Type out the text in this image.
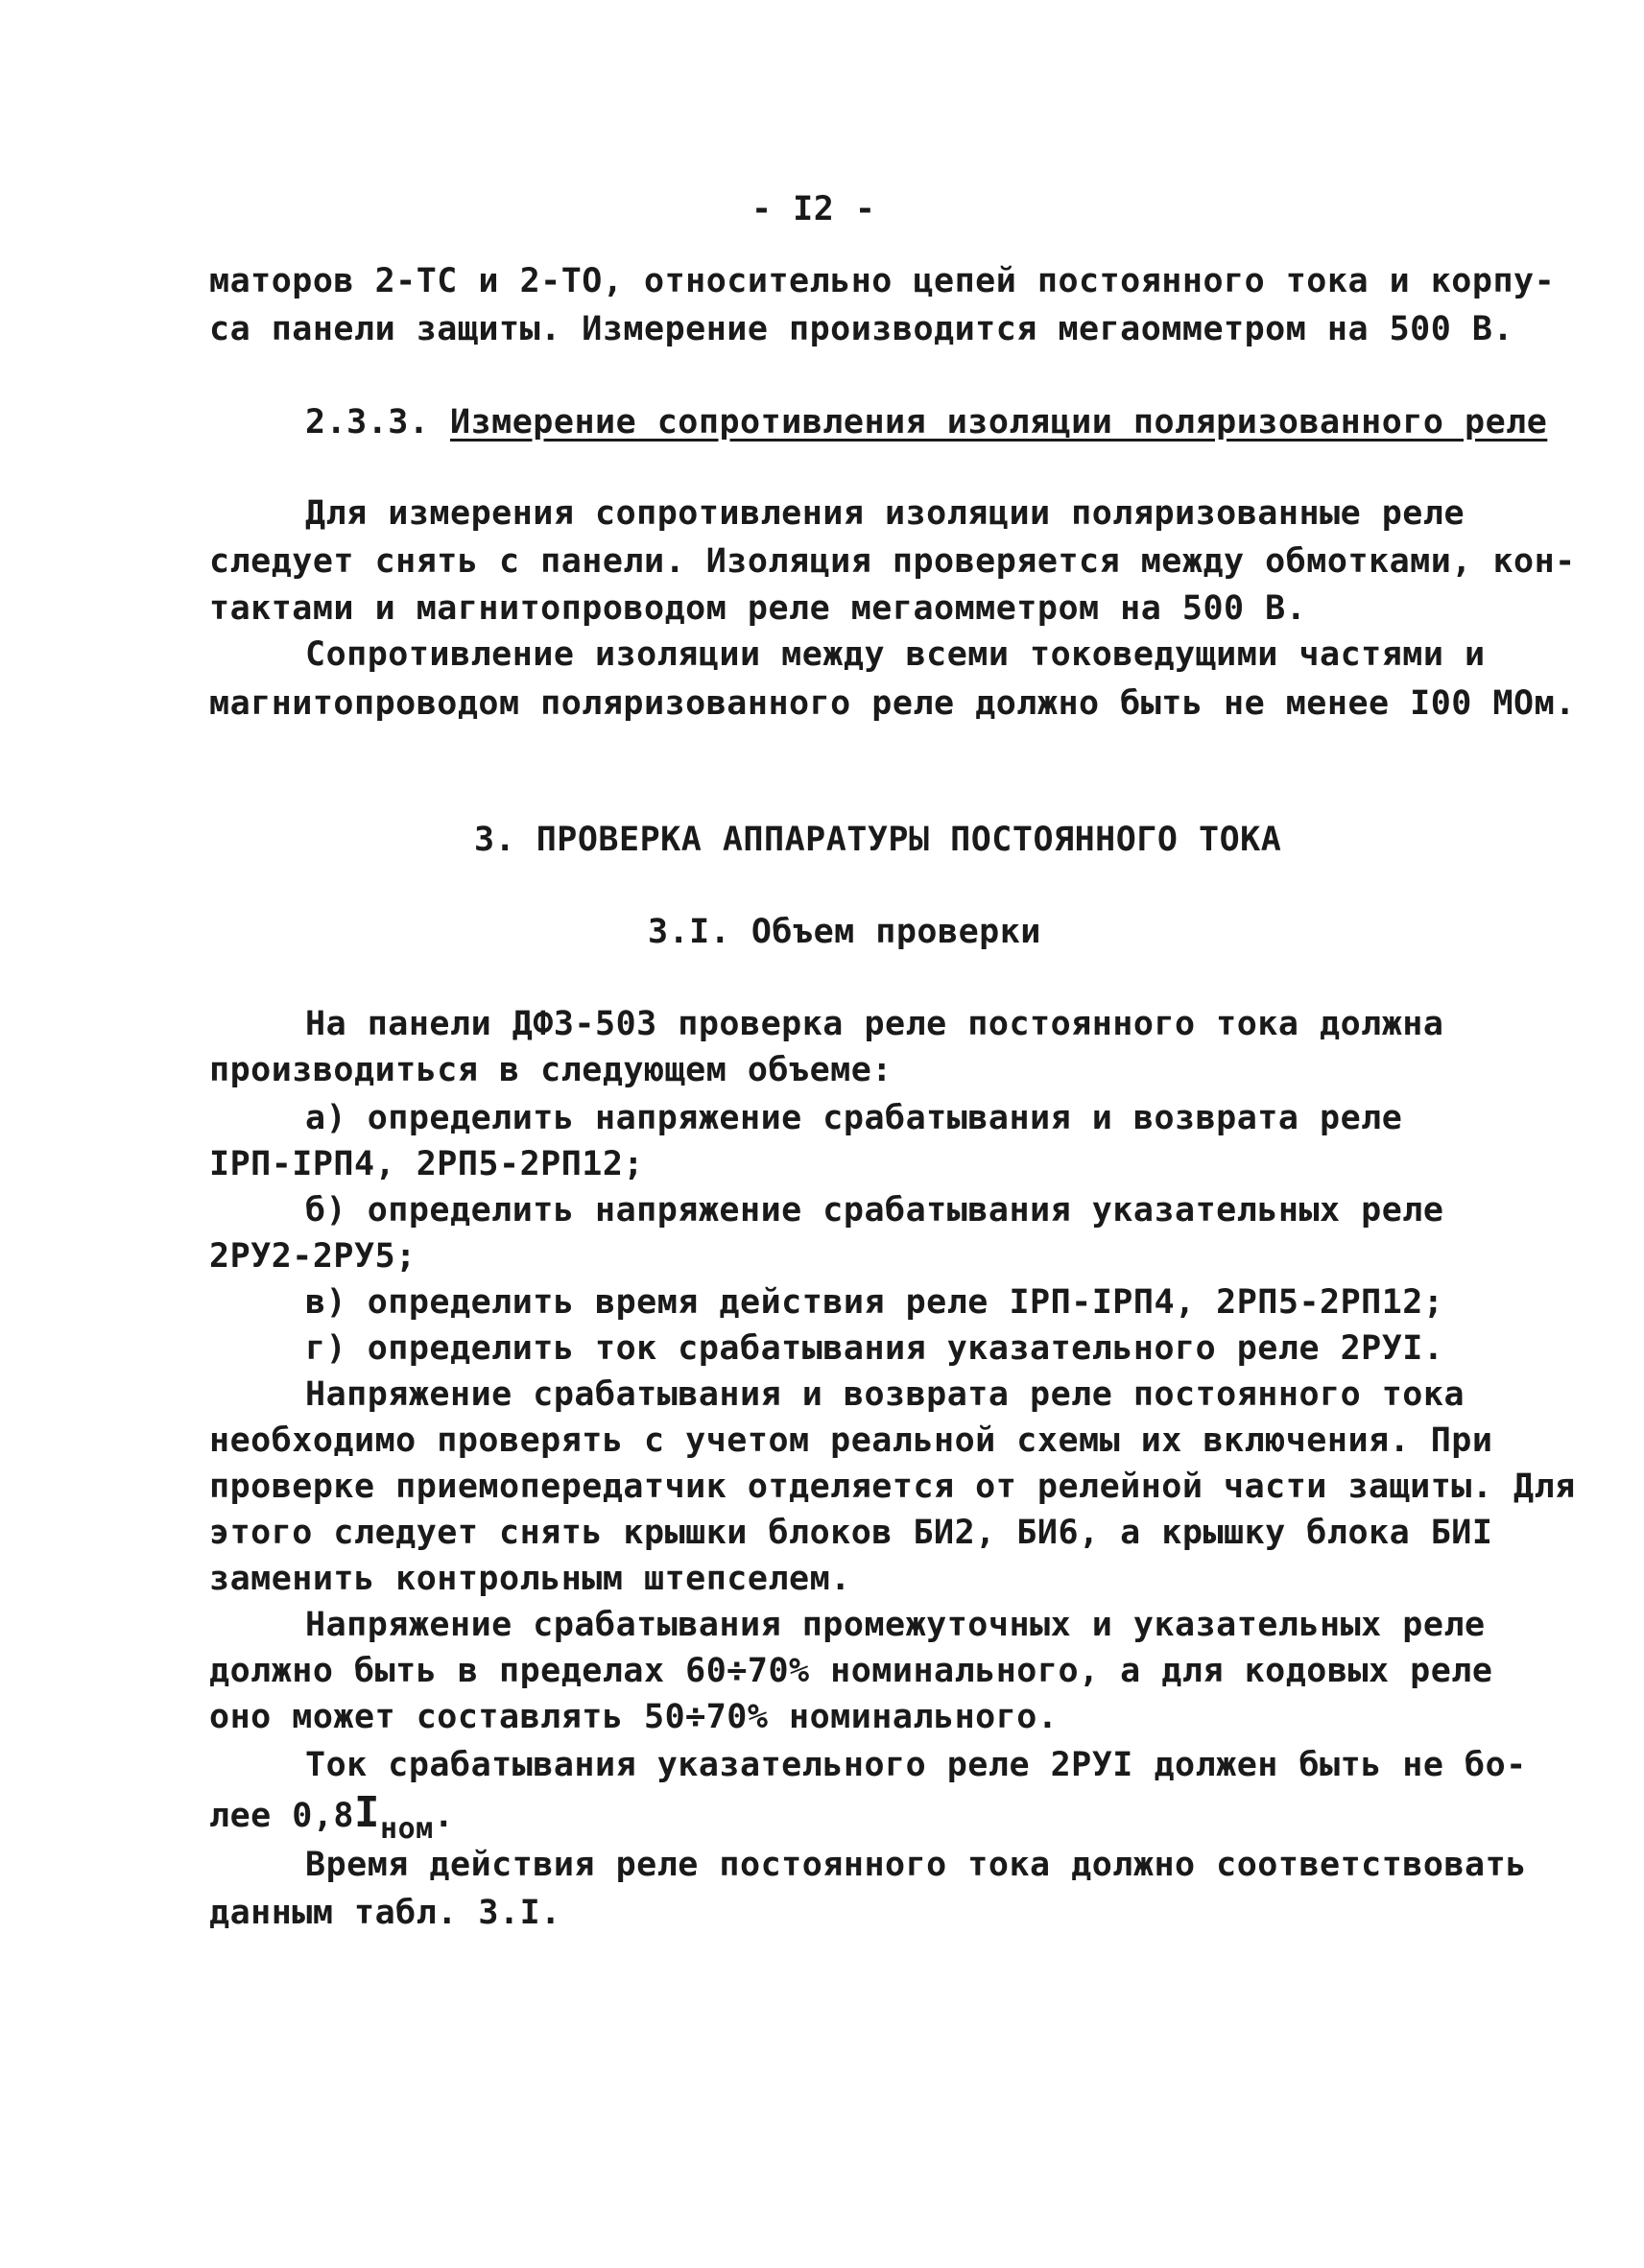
- I2 -
маторов 2-ТС и 2-ТО, относительно цепей постоянного тока и корпу-
са панели защиты. Измерение производится мегаомметром на 500 В.
2.3.3. Измерение сопротивления изоляции поляризованного реле
Для измерения сопротивления изоляции поляризованные реле
следует снять с панели. Изоляция проверяется между обмотками, кон-
тактами и магнитопроводом реле мегаомметром на 500 В.
Сопротивление изоляции между всеми токоведущими частями и
магнитопроводом поляризованного реле должно быть не менее I00 МОм.
3. ПРОВЕРКА АППАРАТУРЫ ПОСТОЯННОГО ТОКА
3.I. Объем проверки
На панели ДФЗ-503 проверка реле постоянного тока должна
производиться в следующем объеме:
а) определить напряжение срабатывания и возврата реле
IРП-IРП4, 2РП5-2РП12;
б) определить напряжение срабатывания указательных реле
2РУ2-2РУ5;
в) определить время действия реле IРП-IРП4, 2РП5-2РП12;
г) определить ток срабатывания указательного реле 2РУI.
Напряжение срабатывания и возврата реле постоянного тока
необходимо проверять с учетом реальной схемы их включения. При
проверке приемопередатчик отделяется от релейной части защиты. Для
этого следует снять крышки блоков БИ2, БИ6, а крышку блока БИI
заменить контрольным штепселем.
Напряжение срабатывания промежуточных и указательных реле
должно быть в пределах 60÷70% номинального, а для кодовых реле
оно может составлять 50÷70% номинального.
Ток срабатывания указательного реле 2РУI должен быть не бо-
лее 0,8Iном.
Время действия реле постоянного тока должно соответствовать
данным табл. 3.I.
